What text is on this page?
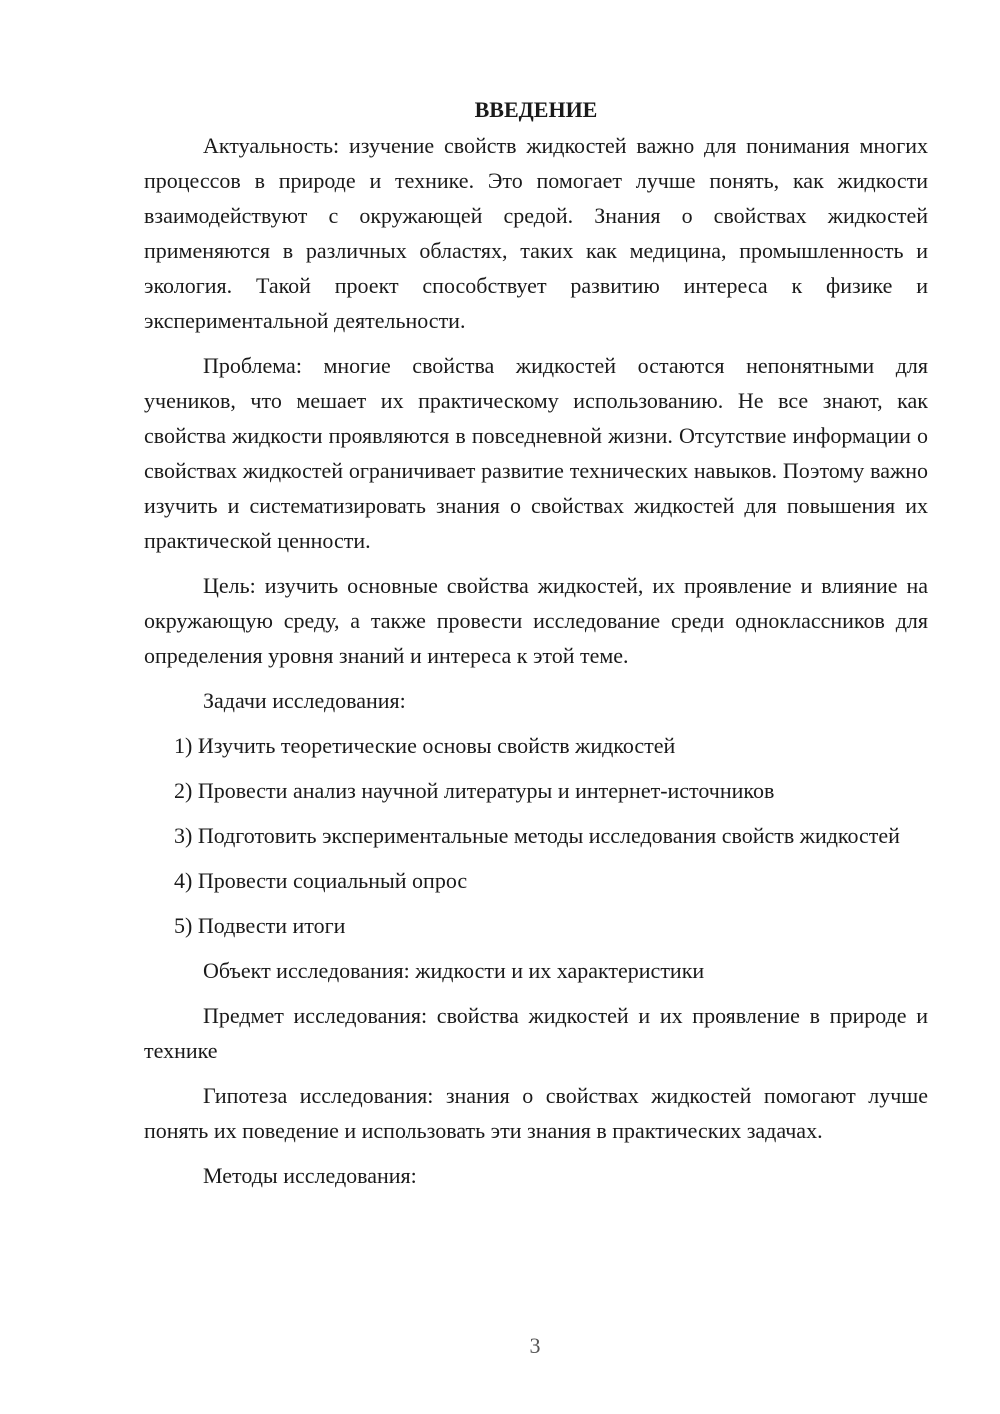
ВВЕДЕНИЕ

Актуальность: изучение свойств жидкостей важно для понимания многих процессов в природе и технике. Это помогает лучше понять, как жидкости взаимодействуют с окружающей средой. Знания о свойствах жидкостей применяются в различных областях, таких как медицина, промышленность и экология. Такой проект способствует развитию интереса к физике и экспериментальной деятельности.

Проблема: многие свойства жидкостей остаются непонятными для учеников, что мешает их практическому использованию. Не все знают, как свойства жидкости проявляются в повседневной жизни. Отсутствие информации о свойствах жидкостей ограничивает развитие технических навыков. Поэтому важно изучить и систематизировать знания о свойствах жидкостей для повышения их практической ценности.

Цель: изучить основные свойства жидкостей, их проявление и влияние на окружающую среду, а также провести исследование среди одноклассников для определения уровня знаний и интереса к этой теме.

Задачи исследования:

1) Изучить теоретические основы свойств жидкостей

2) Провести анализ научной литературы и интернет-источников

3) Подготовить экспериментальные методы исследования свойств жидкостей

4) Провести социальный опрос

5) Подвести итоги

Объект исследования: жидкости и их характеристики

Предмет исследования: свойства жидкостей и их проявление в природе и технике

Гипотеза исследования: знания о свойствах жидкостей помогают лучше понять их поведение и использовать эти знания в практических задачах.

Методы исследования:

3
